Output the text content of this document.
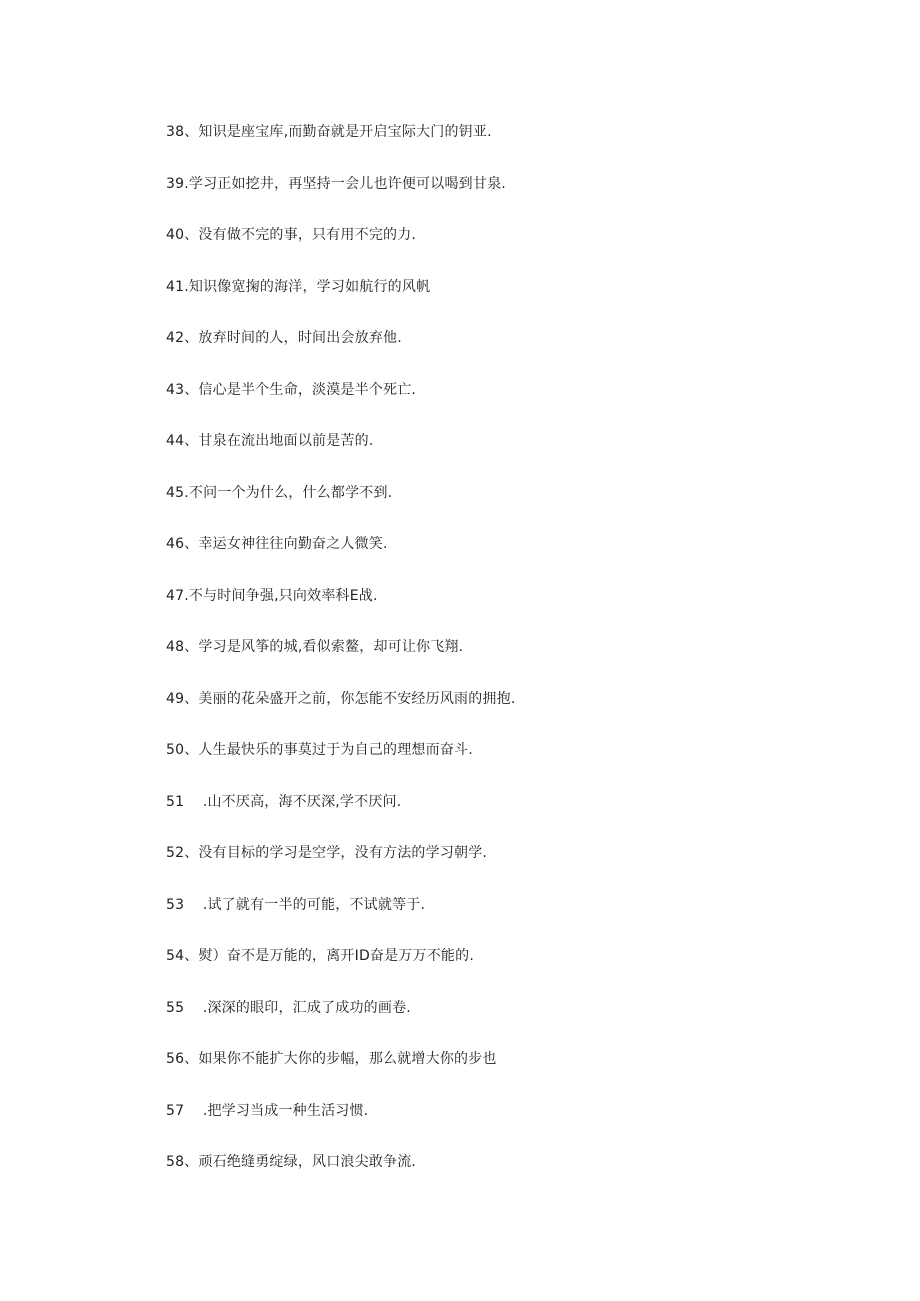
38、知识是座宝库,而勤奋就是开启宝际大门的钥亚.
39.学习正如挖井，再坚持一会儿也许便可以喝到甘泉.
40、没有做不完的事，只有用不完的力.
41.知识像宽掬的海洋，学习如航行的风帆
42、放弃时间的人，时间出会放弃他.
43、信心是半个生命，淡漠是半个死亡.
44、甘泉在流出地面以前是苦的.
45.不问一个为什么，什么都学不到.
46、幸运女神往往向勤奋之人微笑.
47.不与时间争强,只向效率科E战.
48、学习是风筝的城,看似索鳌，却可让你飞翔.
49、美丽的花朵盛开之前，你怎能不安经历风雨的拥抱.
50、人生最快乐的事莫过于为自己的理想而奋斗.
51    .山不厌高，海不厌深,学不厌问.
52、没有目标的学习是空学，没有方法的学习朝学.
53    .试了就有一半的可能，不试就等于.
54、熨）奋不是万能的，离开ID奋是万万不能的.
55    .深深的眼印，汇成了成功的画卷.
56、如果你不能扩大你的步幅，那么就增大你的步也
57    .把学习当成一种生活习惯.
58、顽石绝缝勇绽绿，风口浪尖敢争流.
